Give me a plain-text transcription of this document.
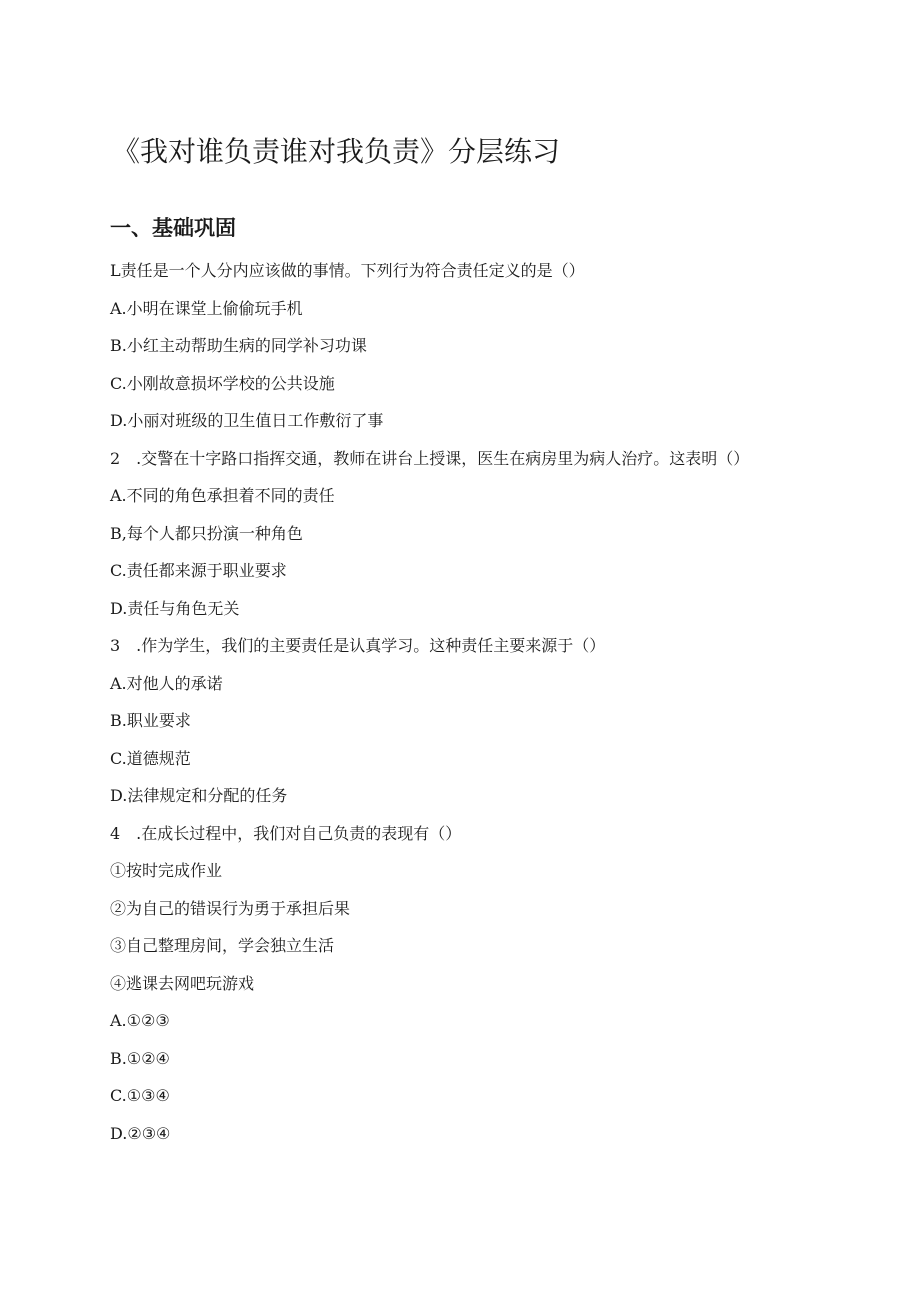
《我对谁负责谁对我负责》分层练习
一、基础巩固
L责任是一个人分内应该做的事情。下列行为符合责任定义的是（）
A.小明在课堂上偷偷玩手机
B.小红主动帮助生病的同学补习功课
C.小刚故意损坏学校的公共设施
D.小丽对班级的卫生值日工作敷衍了事
2　.交警在十字路口指挥交通，教师在讲台上授课，医生在病房里为病人治疗。这表明（）
A.不同的角色承担着不同的责任
B,每个人都只扮演一种角色
C.责任都来源于职业要求
D.责任与角色无关
3　.作为学生，我们的主要责任是认真学习。这种责任主要来源于（）
A.对他人的承诺
B.职业要求
C.道德规范
D.法律规定和分配的任务
4　.在成长过程中，我们对自己负责的表现有（）
①按时完成作业
②为自己的错误行为勇于承担后果
③自己整理房间，学会独立生活
④逃课去网吧玩游戏
A.①②③
B.①②④
C.①③④
D.②③④
